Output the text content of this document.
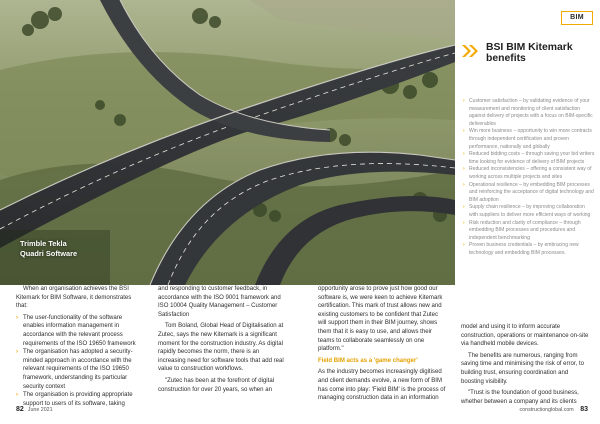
Trimble Tekla
Quadri Software
BIM
BSI BIM Kitemark
benefits
› Customer satisfaction – by validating evidence of your measurement and monitoring of client satisfaction against delivery of projects with a focus on BIM-specific deliverables
› Win more business – opportunity to win more contracts through independent certification and proven performance, nationally and globally
› Reduced bidding costs – through saving your bid writers time looking for evidence of delivery of BIM projects
› Reduced inconsistencies – offering a consistent way of working across multiple projects and sites
› Operational resilience – by embedding BIM processes and reinforcing the acceptance of digital technology and BIM adoption
› Supply chain resilience – by improving collaboration with suppliers to deliver more efficient ways of working
› Risk reduction and clarity of compliance – through embedding BIM processes and procedures and independent benchmarking
› Proven business credentials – by embracing new technology and embedding BIM processes.

When an organisation achieves the BSI Kitemark for BIM Software, it demonstrates that:

› The user-functionality of the software enables information management in accordance with the relevant process requirements of the ISO 19650 framework
› The organisation has adopted a security-minded approach in accordance with the relevant requirements of the ISO 19650 framework, understanding its particular security context
› The organisation is providing appropriate support to users of its software, taking

and responding to customer feedback, in accordance with the ISO 9001 framework and ISO 10004 Quality Management – Customer Satisfaction

Tom Boland, Global Head of Digitalisation at Zutec, says the new Kitemark is a significant moment for the construction industry. As digital rapidly becomes the norm, there is an increasing need for software tools that add real value to construction workflows.

"Zutec has been at the forefront of digital construction for over 20 years, so when an

opportunity arose to prove just how good our software is, we were keen to achieve Kitemark certification. This mark of trust allows new and existing customers to be confident that Zutec will support them in their BIM journey, shows them that it is easy to use, and allows their teams to collaborate seamlessly on one platform."

Field BIM acts as a 'game changer'

As the industry becomes increasingly digitised and client demands evolve, a new form of BIM has come into play: 'Field BIM' is the process of managing construction data in an information

model and using it to inform accurate construction, operations or maintenance on-site via handheld mobile devices.

The benefits are numerous, ranging from saving time and minimising the risk of error, to building trust, ensuring coordination and boosting visibility.

"Trust is the foundation of good business, whether between a company and its clients

82 June 2021	constructionglobal.com 83
